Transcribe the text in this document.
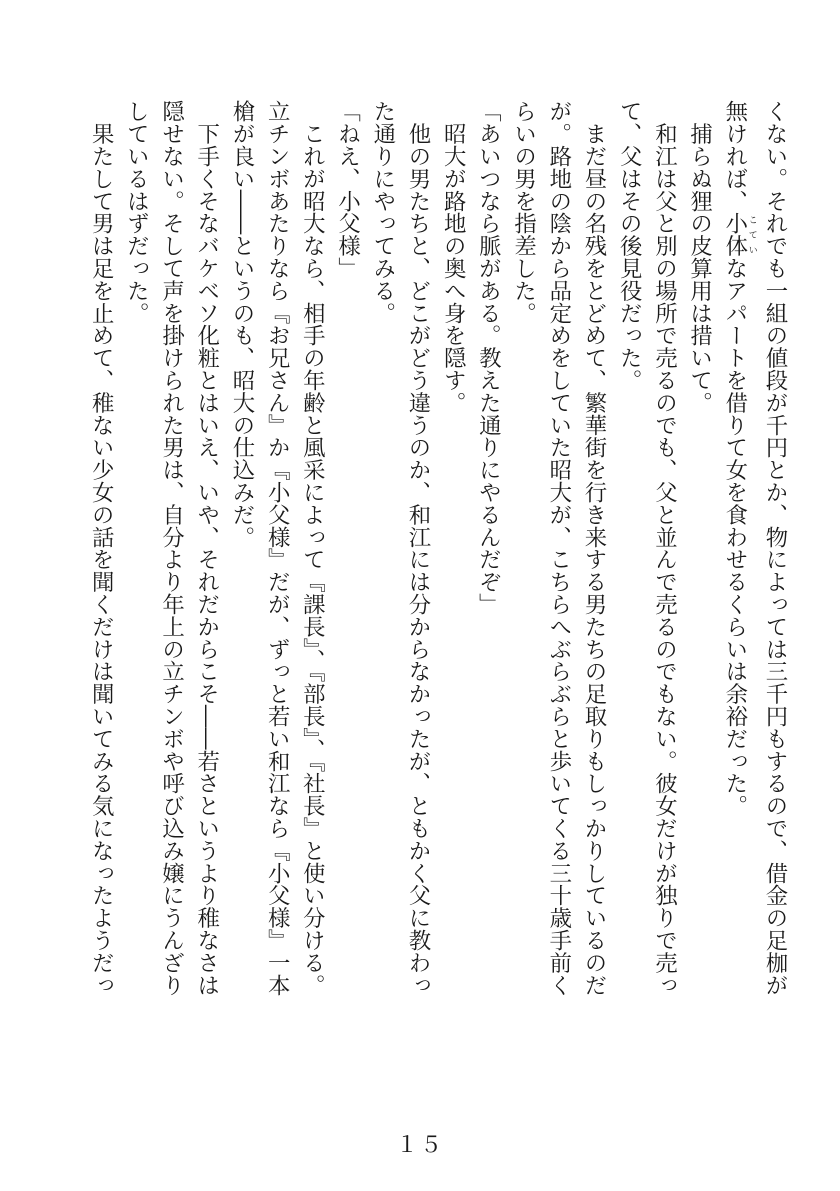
くない。それでも一組の値段が千円とか、物によっては三千円もするので、借金の足枷が
無ければ、小体 こていなアパートを借りて女を食わせるくらいは余裕だった。
　捕らぬ狸の皮算用は措いて。
　和江は父と別の場所で売るのでも、父と並んで売るのでもない。彼女だけが独りで売っ
て、父はその後見役だった。
　まだ昼の名残をとどめて、繁華街を行き来する男たちの足取りもしっかりしているのだ
が。路地の陰から品定めをしていた昭大が、こちらへぶらぶらと歩いてくる三十歳手前く
らいの男を指差した。
「あいつなら脈がある。教えた通りにやるんだぞ」
　昭大が路地の奥へ身を隠す。
　他の男たちと、どこがどう違うのか、和江には分からなかったが、ともかく父に教わっ
た通りにやってみる。
「ねえ、小父様」
　これが昭大なら、相手の年齢と風采によって『課長』、『部長』、『社長』と使い分ける。
立チンボあたりなら『お兄さん』か『小父様』だが、ずっと若い和江なら『小父様』一本
槍が良い――というのも、昭大の仕込みだ。
　下手くそなバケベソ化粧とはいえ、いや、それだからこそ――若さというより稚なさは
隠せない。そして声を掛けられた男は、自分より年上の立チンボや呼び込み嬢にうんざり
しているはずだった。
　果たして男は足を止めて、稚ない少女の話を聞くだけは聞いてみる気になったようだっ
１５
